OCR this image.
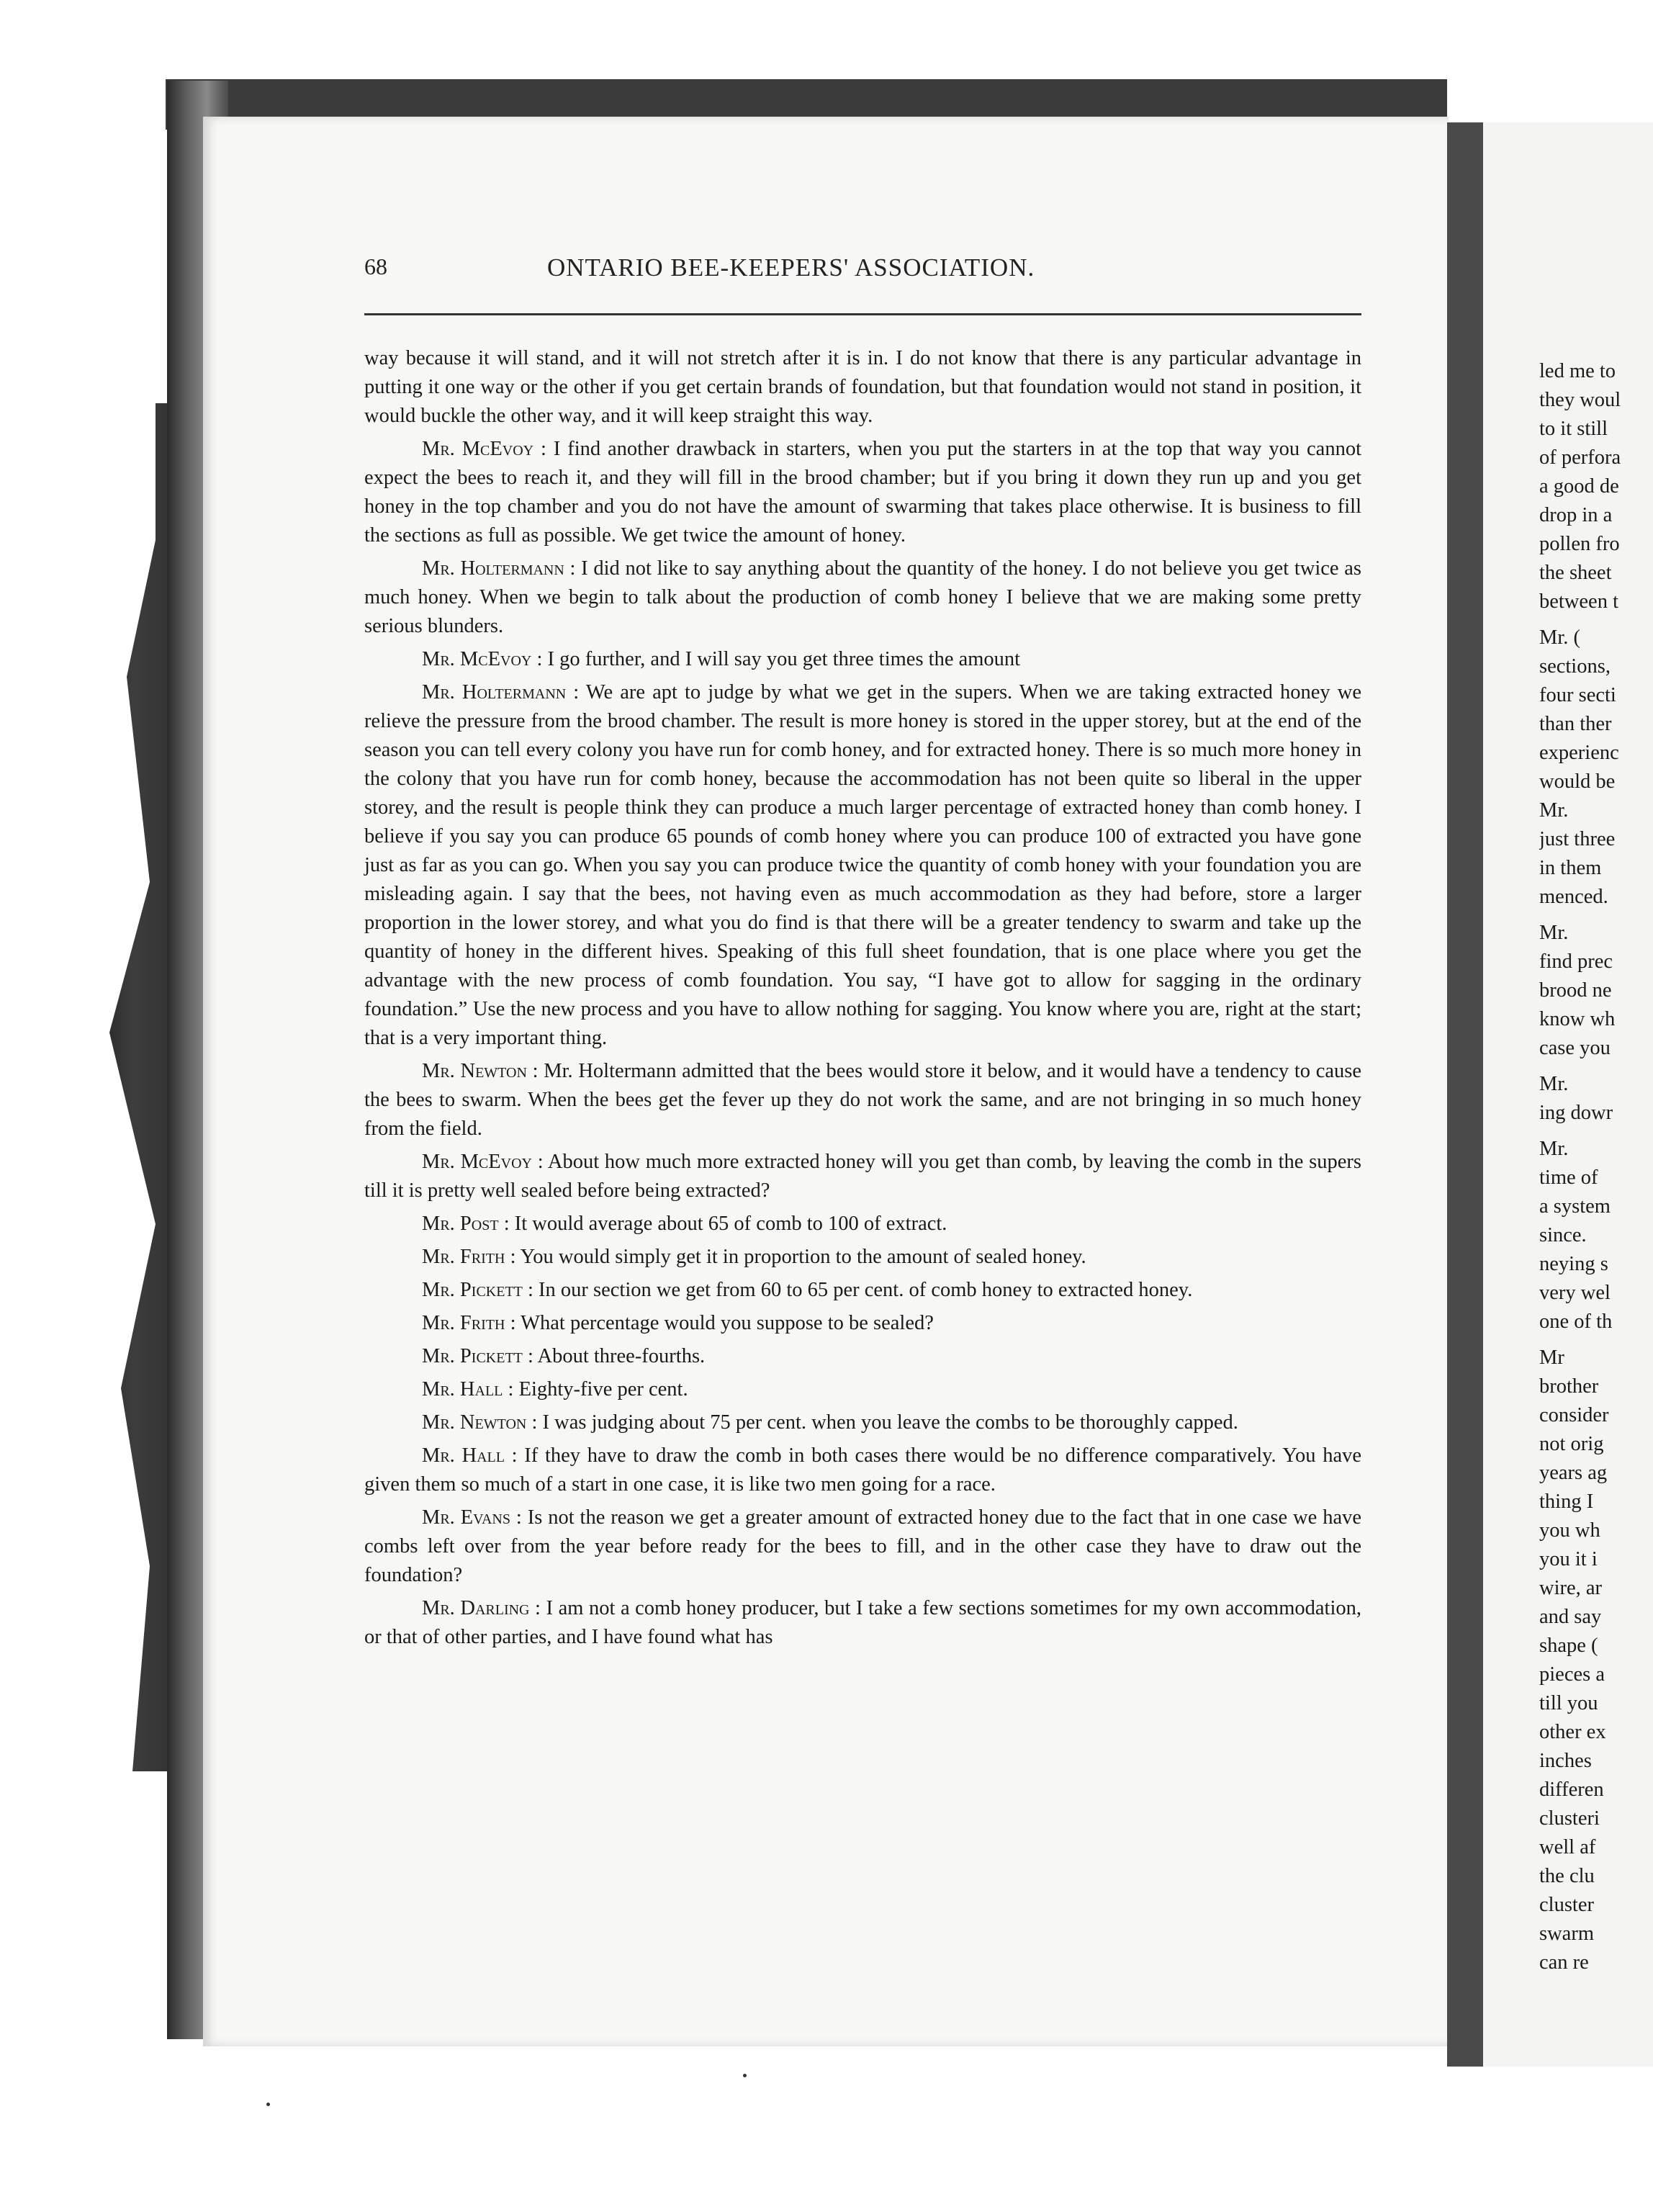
68	ONTARIO BEE-KEEPERS' ASSOCIATION.

way because it will stand, and it will not stretch after it is in. I do not know that there is any particular advantage in putting it one way or the other if you get certain brands of foundation, but that foundation would not stand in position, it would buckle the other way, and it will keep straight this way.

Mr. McEvoy : I find another drawback in starters, when you put the starters in at the top that way you cannot expect the bees to reach it, and they will fill in the brood chamber; but if you bring it down they run up and you get honey in the top chamber and you do not have the amount of swarming that takes place otherwise. It is business to fill the sections as full as possible. We get twice the amount of honey.

Mr. Holtermann : I did not like to say anything about the quantity of the honey. I do not believe you get twice as much honey. When we begin to talk about the production of comb honey I believe that we are making some pretty serious blunders.

Mr. McEvoy : I go further, and I will say you get three times the amount

Mr. Holtermann : We are apt to judge by what we get in the supers. When we are taking extracted honey we relieve the pressure from the brood chamber. The result is more honey is stored in the upper storey, but at the end of the season you can tell every colony you have run for comb honey, and for extracted honey. There is so much more honey in the colony that you have run for comb honey, because the accommodation has not been quite so liberal in the upper storey, and the result is people think they can produce a much larger percentage of extracted honey than comb honey. I believe if you say you can produce 65 pounds of comb honey where you can produce 100 of extracted you have gone just as far as you can go. When you say you can produce twice the quantity of comb honey with your foundation you are misleading again. I say that the bees, not having even as much accommodation as they had before, store a larger proportion in the lower storey, and what you do find is that there will be a greater tendency to swarm and take up the quantity of honey in the different hives. Speaking of this full sheet foundation, that is one place where you get the advantage with the new process of comb foundation. You say, “I have got to allow for sagging in the ordinary foundation.” Use the new process and you have to allow nothing for sagging. You know where you are, right at the start; that is a very important thing.

Mr. Newton : Mr. Holtermann admitted that the bees would store it below, and it would have a tendency to cause the bees to swarm. When the bees get the fever up they do not work the same, and are not bringing in so much honey from the field.

Mr. McEvoy : About how much more extracted honey will you get than comb, by leaving the comb in the supers till it is pretty well sealed before being extracted?

Mr. Post : It would average about 65 of comb to 100 of extract.

Mr. Frith : You would simply get it in proportion to the amount of sealed honey.

Mr. Pickett : In our section we get from 60 to 65 per cent. of comb honey to extracted honey.

Mr. Frith : What percentage would you suppose to be sealed?

Mr. Pickett : About three-fourths.

Mr. Hall : Eighty-five per cent.

Mr. Newton : I was judging about 75 per cent. when you leave the combs to be thoroughly capped.

Mr. Hall : If they have to draw the comb in both cases there would be no difference comparatively. You have given them so much of a start in one case, it is like two men going for a race.

Mr. Evans : Is not the reason we get a greater amount of extracted honey due to the fact that in one case we have combs left over from the year before ready for the bees to fill, and in the other case they have to draw out the foundation?

Mr. Darling : I am not a comb honey producer, but I take a few sections sometimes for my own accommodation, or that of other parties, and I have found what has

led me to
they woul
to it still
of perfora
a good de
drop in a
pollen fro
the sheet
between t
Mr. (
sections,
four secti
than ther
experienc
would be
Mr.
just three
in them
menced.
Mr.
find prec
brood ne
know wh
case you
Mr.
ing dowr
Mr.
time of
a system
since.
neying s
very wel
one of th
Mr
brother
consider
not orig
years ag
thing I
you wh
you it i
wire, ar
and say
shape (
pieces a
till you
other ex
inches
differen
clusteri
well af
the clu
cluster
swarm
can re
